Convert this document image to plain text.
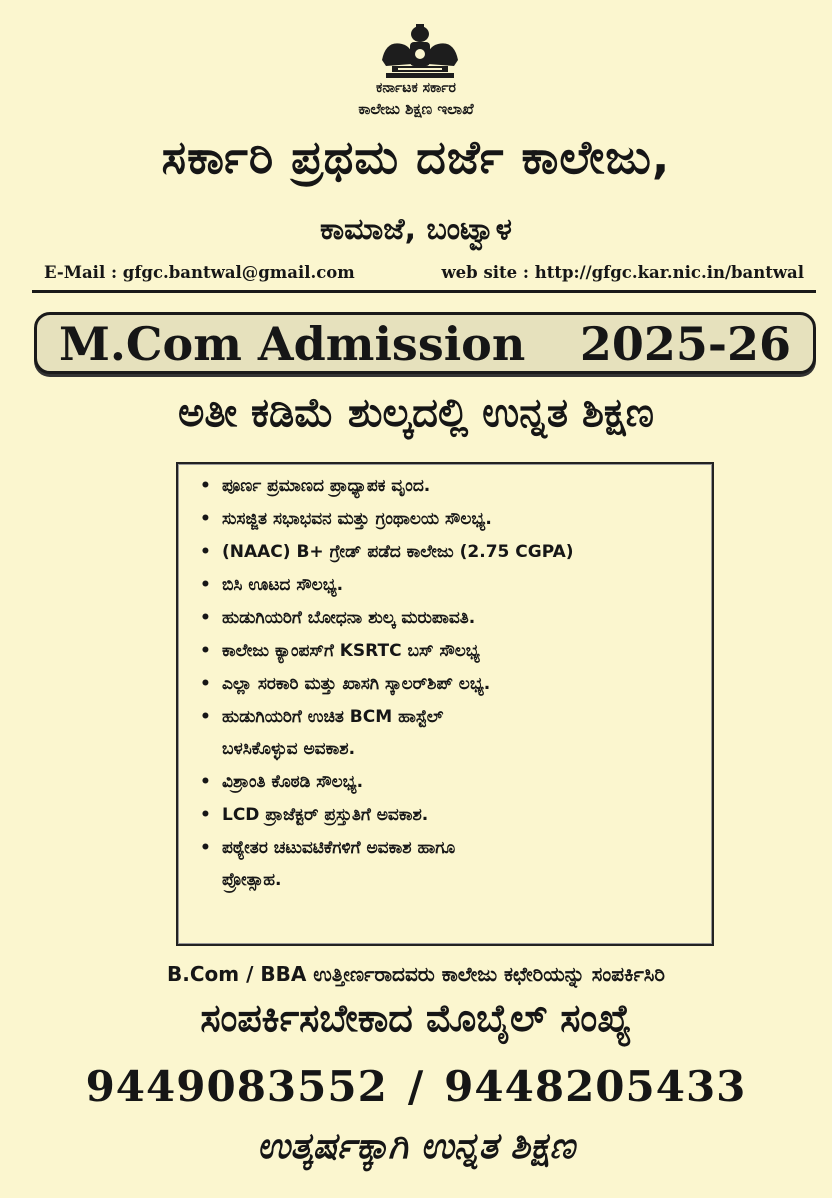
ಕರ್ನಾಟಕ ಸರ್ಕಾರ
ಕಾಲೇಜು ಶಿಕ್ಷಣ ಇಲಾಖೆ
ಸರ್ಕಾರಿ ಪ್ರಥಮ ದರ್ಜೆ ಕಾಲೇಜು,
ಕಾಮಾಜೆ, ಬಂಟ್ವಾಳ
E-Mail : gfgc.bantwal@gmail.com	web site : http://gfgc.kar.nic.in/bantwal
M.Com Admission 2025-26
ಅತೀ ಕಡಿಮೆ ಶುಲ್ಕದಲ್ಲಿ ಉನ್ನತ ಶಿಕ್ಷಣ
• ಪೂರ್ಣ ಪ್ರಮಾಣದ ಪ್ರಾಧ್ಯಾಪಕ ವೃಂದ.
• ಸುಸಜ್ಜಿತ ಸಭಾಭವನ ಮತ್ತು ಗ್ರಂಥಾಲಯ ಸೌಲಭ್ಯ.
• (NAAC) B+ ಗ್ರೇಡ್ ಪಡೆದ ಕಾಲೇಜು (2.75 CGPA)
• ಬಿಸಿ ಊಟದ ಸೌಲಭ್ಯ.
• ಹುಡುಗಿಯರಿಗೆ ಬೋಧನಾ ಶುಲ್ಕ ಮರುಪಾವತಿ.
• ಕಾಲೇಜು ಕ್ಯಾಂಪಸ್‌ಗೆ KSRTC ಬಸ್ ಸೌಲಭ್ಯ
• ಎಲ್ಲಾ ಸರಕಾರಿ ಮತ್ತು ಖಾಸಗಿ ಸ್ಕಾಲರ್‌ಶಿಪ್ ಲಭ್ಯ.
• ಹುಡುಗಿಯರಿಗೆ ಉಚಿತ BCM ಹಾಸ್ಟೆಲ್
ಬಳಸಿಕೊಳ್ಳುವ ಅವಕಾಶ.
• ವಿಶ್ರಾಂತಿ ಕೊಠಡಿ ಸೌಲಭ್ಯ.
• LCD ಪ್ರಾಜೆಕ್ಟರ್ ಪ್ರಸ್ತುತಿಗೆ ಅವಕಾಶ.
• ಪಠ್ಯೇತರ ಚಟುವಟಿಕೆಗಳಿಗೆ ಅವಕಾಶ ಹಾಗೂ
ಪ್ರೋತ್ಸಾಹ.
B.Com / BBA ಉತ್ತೀರ್ಣರಾದವರು ಕಾಲೇಜು ಕಛೇರಿಯನ್ನು ಸಂಪರ್ಕಿಸಿರಿ
ಸಂಪರ್ಕಿಸಬೇಕಾದ ಮೊಬೈಲ್ ಸಂಖ್ಯೆ
9449083552 / 9448205433
ಉತ್ಕರ್ಷಕ್ಕಾಗಿ ಉನ್ನತ ಶಿಕ್ಷಣ
